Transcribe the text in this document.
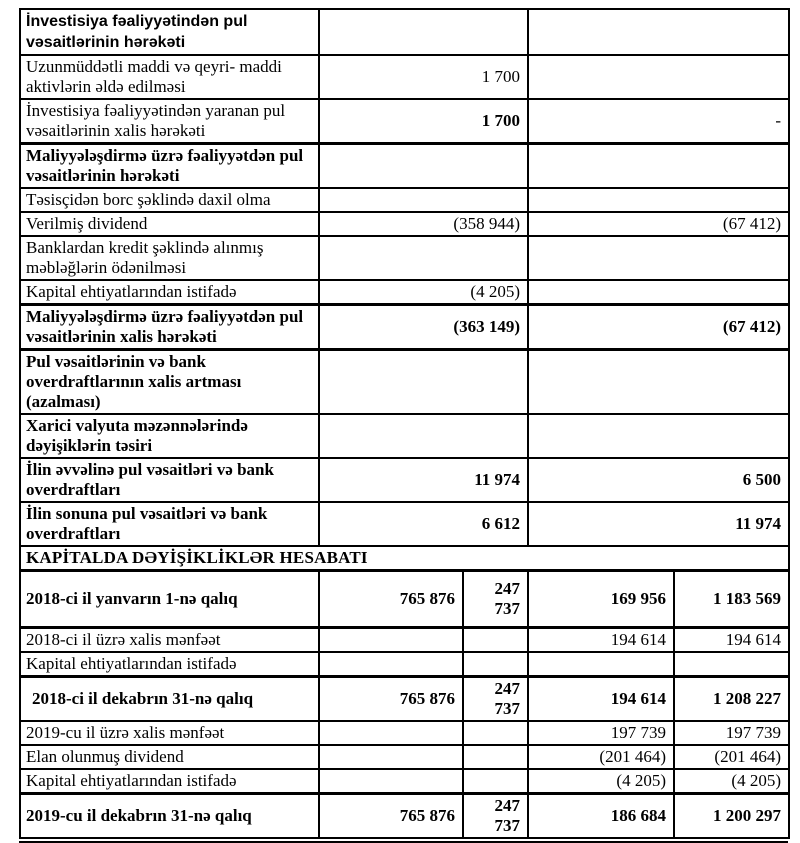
İnvestisiya fəaliyyətindən pul vəsaitlərinin hərəkəti				
Uzunmüddətli maddi və qeyri- maddi aktivlərin əldə edilməsi	1 700			
İnvestisiya fəaliyyətindən yaranan pul vəsaitlərinin xalis hərəkəti	1 700		-	
Maliyyələşdirmə üzrə fəaliyyətdən pul vəsaitlərinin hərəkəti				
Təsisçidən borc şəklində daxil olma				
Verilmiş dividend	(358 944)		(67 412)	
Banklardan kredit şəklində alınmış məbləğlərin ödənilməsi				
Kapital ehtiyatlarından istifadə	(4 205)			
Maliyyələşdirmə üzrə fəaliyyətdən pul vəsaitlərinin xalis hərəkəti	(363 149)		(67 412)	
Pul vəsaitlərinin və bank overdraftlarının xalis artması (azalması)				
Xarici valyuta məzənnələrində dəyişiklərin təsiri				
İlin əvvəlinə pul vəsaitləri və bank overdraftları	11 974		6 500	
İlin sonuna pul vəsaitləri və bank overdraftları	6 612		11 974	
KAPİTALDA DƏYİŞİKLİKLƏR HESABATI				
2018-ci il yanvarın 1-nə qalıq	765 876	247 737	169 956	1 183 569
2018-ci il üzrə xalis mənfəət			194 614	194 614
Kapital ehtiyatlarından istifadə				
2018-ci il dekabrın 31-nə qalıq	765 876	247 737	194 614	1 208 227
2019-cu il üzrə xalis mənfəət			197 739	197 739
Elan olunmuş dividend			(201 464)	(201 464)
Kapital ehtiyatlarından istifadə			(4 205)	(4 205)
2019-cu il dekabrın 31-nə qalıq	765 876	247 737	186 684	1 200 297
